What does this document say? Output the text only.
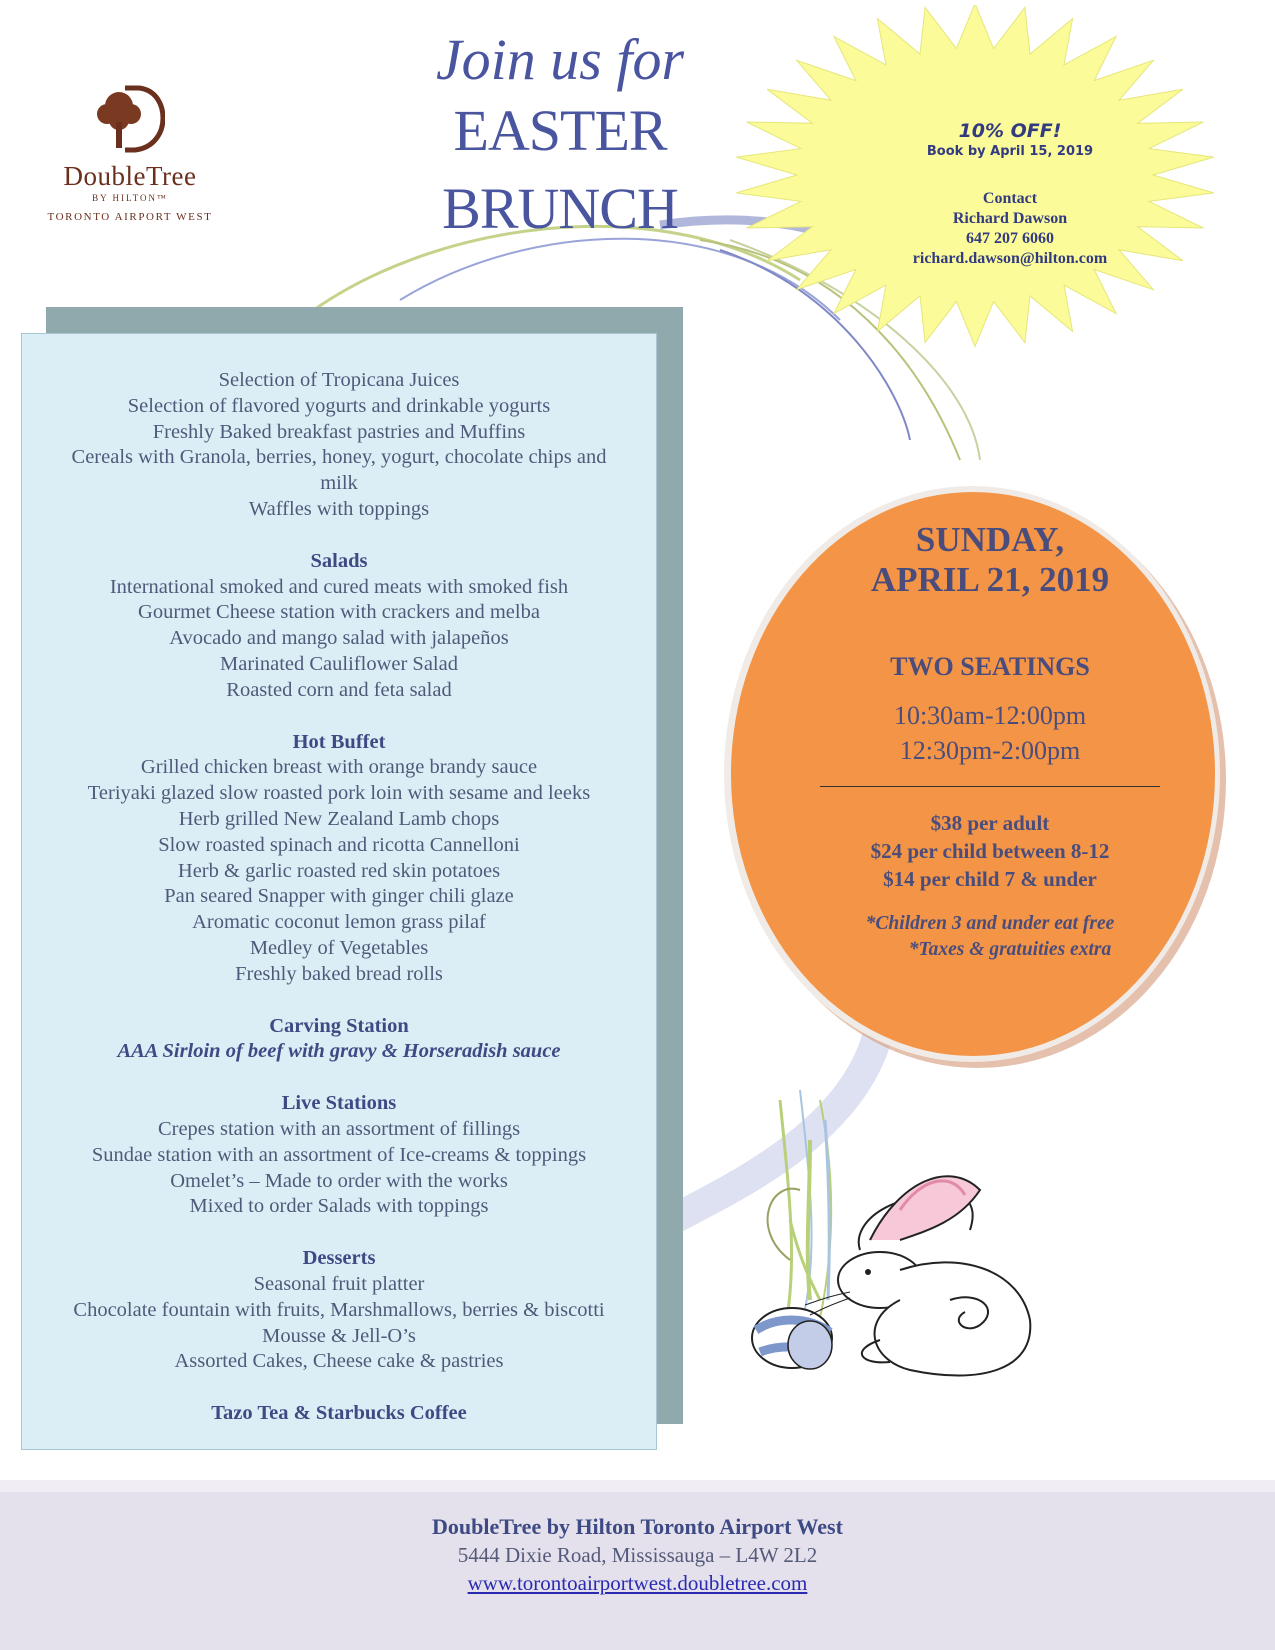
DoubleTree
BY HILTON™
TORONTO AIRPORT WEST
Join us for
EASTER
BRUNCH
10% OFF!
Book by April 15, 2019
Contact
Richard Dawson
647 207 6060
richard.dawson@hilton.com
Selection of Tropicana Juices
Selection of flavored yogurts and drinkable yogurts
Freshly Baked breakfast pastries and Muffins
Cereals with Granola, berries, honey, yogurt, chocolate chips and
milk
Waffles with toppings
Salads
International smoked and cured meats with smoked fish
Gourmet Cheese station with crackers and melba
Avocado and mango salad with jalapeños
Marinated Cauliflower Salad
Roasted corn and feta salad
Hot Buffet
Grilled chicken breast with orange brandy sauce
Teriyaki glazed slow roasted pork loin with sesame and leeks
Herb grilled New Zealand Lamb chops
Slow roasted spinach and ricotta Cannelloni
Herb & garlic roasted red skin potatoes
Pan seared Snapper with ginger chili glaze
Aromatic coconut lemon grass pilaf
Medley of Vegetables
Freshly baked bread rolls
Carving Station
AAA Sirloin of beef with gravy & Horseradish sauce
Live Stations
Crepes station with an assortment of fillings
Sundae station with an assortment of Ice-creams & toppings
Omelet’s – Made to order with the works
Mixed to order Salads with toppings
Desserts
Seasonal fruit platter
Chocolate fountain with fruits, Marshmallows, berries & biscotti
Mousse & Jell-O’s
Assorted Cakes, Cheese cake & pastries
Tazo Tea & Starbucks Coffee
SUNDAY,
APRIL 21, 2019
TWO SEATINGS
10:30am-12:00pm
12:30pm-2:00pm
$38 per adult
$24 per child between 8-12
$14 per child 7 & under
*Children 3 and under eat free
*Taxes & gratuities extra
DoubleTree by Hilton Toronto Airport West
5444 Dixie Road, Mississauga – L4W 2L2
www.torontoairportwest.doubletree.com
